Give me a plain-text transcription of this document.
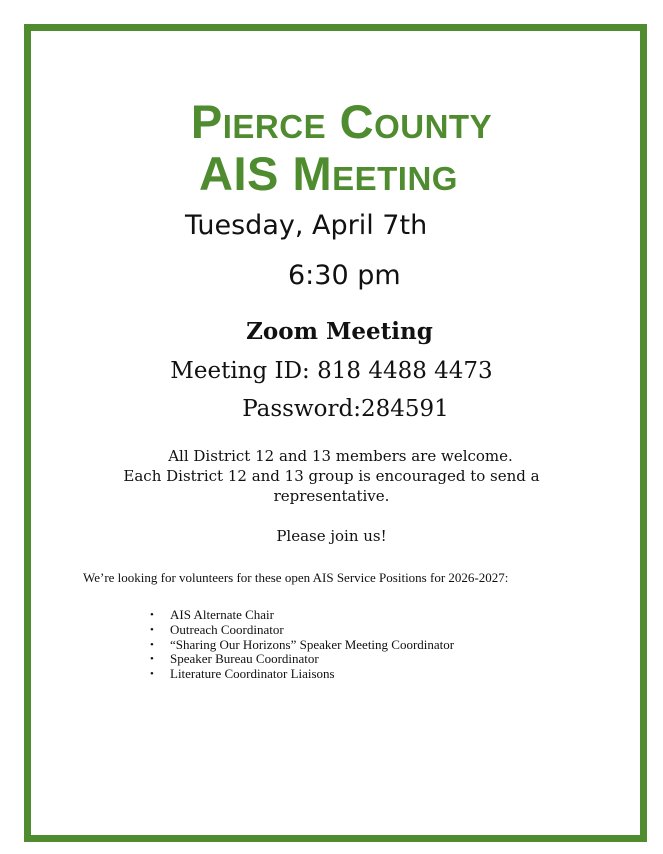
Pierce County
AIS Meeting
Tuesday, April 7th
6:30 pm
Zoom Meeting
Meeting ID: 818 4488 4473
Password:284591
All District 12 and 13 members are welcome.
Each District 12 and 13 group is encouraged to send a
representative.
Please join us!
We’re looking for volunteers for these open AIS Service Positions for 2026-2027:
• AIS Alternate Chair
• Outreach Coordinator
• “Sharing Our Horizons” Speaker Meeting Coordinator
• Speaker Bureau Coordinator
• Literature Coordinator Liaisons
